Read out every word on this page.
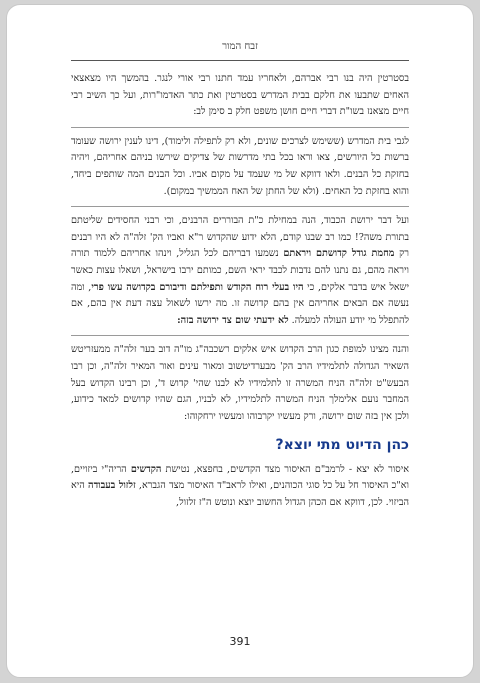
זבח המור

בסטרטין היה בנו רבי אברהם, ולאחריו עמד חתנו רבי אורי לנגר. בהמשך היו מצאצאי האחים שתבעו את חלקם בבית המדרש בסטרטין ואת כתר האדמו"רות, ועל כך השיב רבי חיים מצאנז בשו"ת דברי חיים חושן משפט חלק ב סימן לב:

לגבי בית המדרש (ששימש לצרכים שונים, ולא רק לתפילה ולימוד), דינו לענין ירושה שעומד ברשות כל היורשים, צאו וראו בכל בתי מדרשות של צדיקים שירשו בניהם אחריהם, ויהיה בחזקת כל הבנים. ולאו דווקא של מי שעמד על מקום אביו. וכל הבנים המה שותפים ביחד, והוא בחזקת כל האחים. (ולא של החתן של האח הממשיך במקום).

ועל דבר ירושת הכבוד, הנה במחילת כ"ת הבוררים הרבנים, וכי רבני החסידים שליטתם בתורת משה?! כמו רב שבנו קודם, הלא ידוע שהקדוש ר"א ואביו הק' זלה"ה לא היו רבנים רק מחמת גודל קדושתם ויראתם נשמעו דבריהם לכל הגליל, וינהו אחריהם ללמוד תורה ויראה מהם, גם נתנו להם נדבות לכבד יראי השם, כמותם ירבו בישראל, ושאלו עצות כאשר ישאל איש בדבר אלקים, כי היו בעלי רוח הקודש ותפילתם ודיבורם בקדושה עשו פרי, ומה נעשה אם הבאים אחריהם אין בהם קדושה זו. מה ירשו לשאול עצה דעת אין בהם, אם להתפלל מי יודע העולה למעלה. לא ידעתי שום צד ירושה בזה:

והנה מצינו למופת כגון הרב הקדוש איש אלקים רשכבה"ג מו"ה דוב בער זלה"ה ממעזריטש השאיר הגדולה לתלמידיו הרב הק' מבערדיטשוב ומאור עינים ואור המאיר זלה"ה, וכן רבו הבעש"ט זלה"ה הניח המשרה זו לתלמידיו לא לבנו שהי' קדוש ד', וכן רבינו הקדוש בעל המחבר נועם אלימלך הניח המשרה לתלמידיו, לא לבניו, הגם שהיו קדושים למאד כידוע, ולכן אין בזה שום ירושה, ורק מעשיו יקרבוהו ומעשיו ירחקוהו:

כהן הדיוט מתי יוצא?

איסור לא יצא - לרמב"ם האיסור מצד הקדשים, בחפצא, נטישת הקדשים הריה"י ביזויים, וא"כ האיסור חל על כל סוגי הכוהנים, ואילו לראב"ד האיסור מצד הגברא, זלזול בעבודה היא הביזוי. לכן, דווקא אם הכהן הגדול החשוב יוצא ונוטש ה"ז זלזול,

391
